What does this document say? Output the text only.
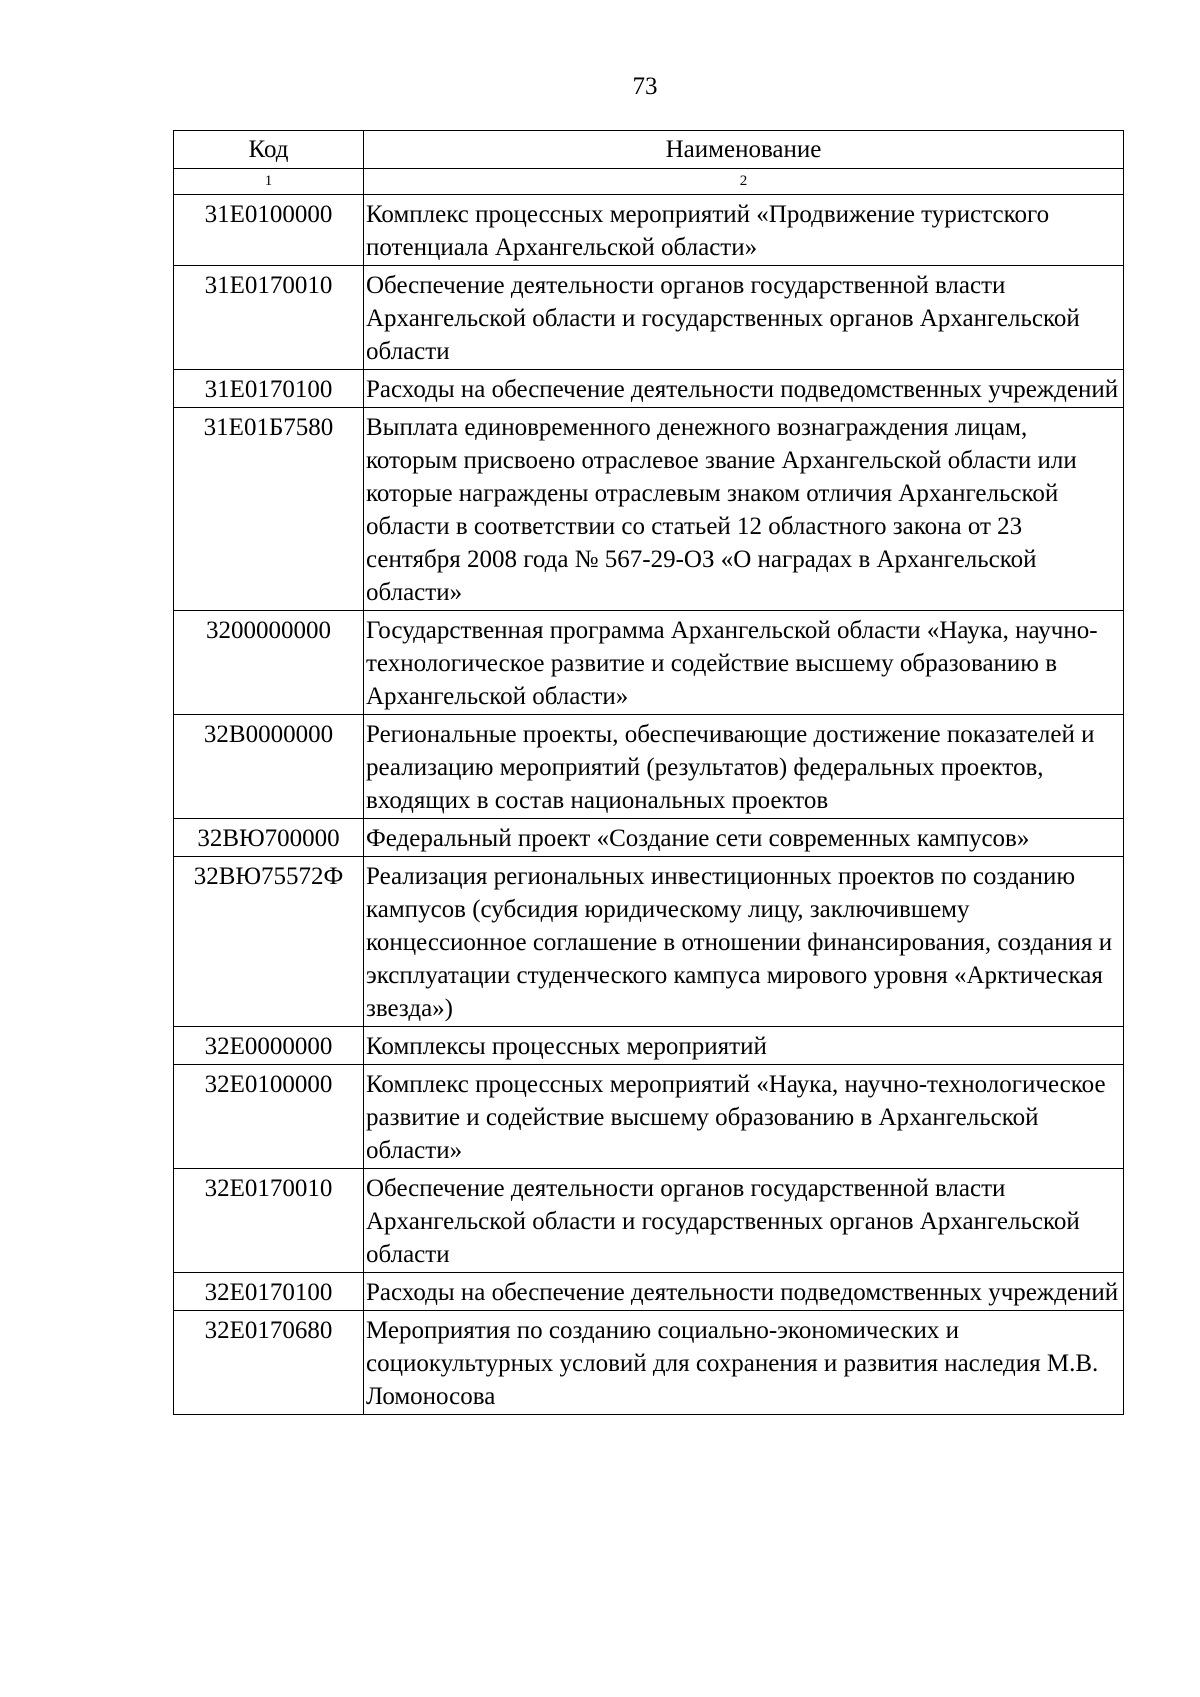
73
Код	Наименование
1	2
31Е0100000	Комплекс процессных мероприятий «Продвижение туристского потенциала Архангельской области»
31Е0170010	Обеспечение деятельности органов государственной власти Архангельской области и государственных органов Архангельской области
31Е0170100	Расходы на обеспечение деятельности подведомственных учреждений
31Е01Б7580	Выплата единовременного денежного вознаграждения лицам, которым присвоено отраслевое звание Архангельской области или которые награждены отраслевым знаком отличия Архангельской области в соответствии со статьей 12 областного закона от 23 сентября 2008 года № 567-29-ОЗ «О наградах в Архангельской области»
3200000000	Государственная программа Архангельской области «Наука, научно-технологическое развитие и содействие высшему образованию в Архангельской области»
32В0000000	Региональные проекты, обеспечивающие достижение показателей и реализацию мероприятий (результатов) федеральных проектов, входящих в состав национальных проектов
32ВЮ700000	Федеральный проект «Создание сети современных кампусов»
32ВЮ75572Ф	Реализация региональных инвестиционных проектов по созданию кампусов (субсидия юридическому лицу, заключившему концессионное соглашение в отношении финансирования, создания и эксплуатации студенческого кампуса мирового уровня «Арктическая звезда»)
32Е0000000	Комплексы процессных мероприятий
32Е0100000	Комплекс процессных мероприятий «Наука, научно-технологическое развитие и содействие высшему образованию в Архангельской области»
32Е0170010	Обеспечение деятельности органов государственной власти Архангельской области и государственных органов Архангельской области
32Е0170100	Расходы на обеспечение деятельности подведомственных учреждений
32Е0170680	Мероприятия по созданию социально-экономических и социокультурных условий для сохранения и развития наследия М.В. Ломоносова
